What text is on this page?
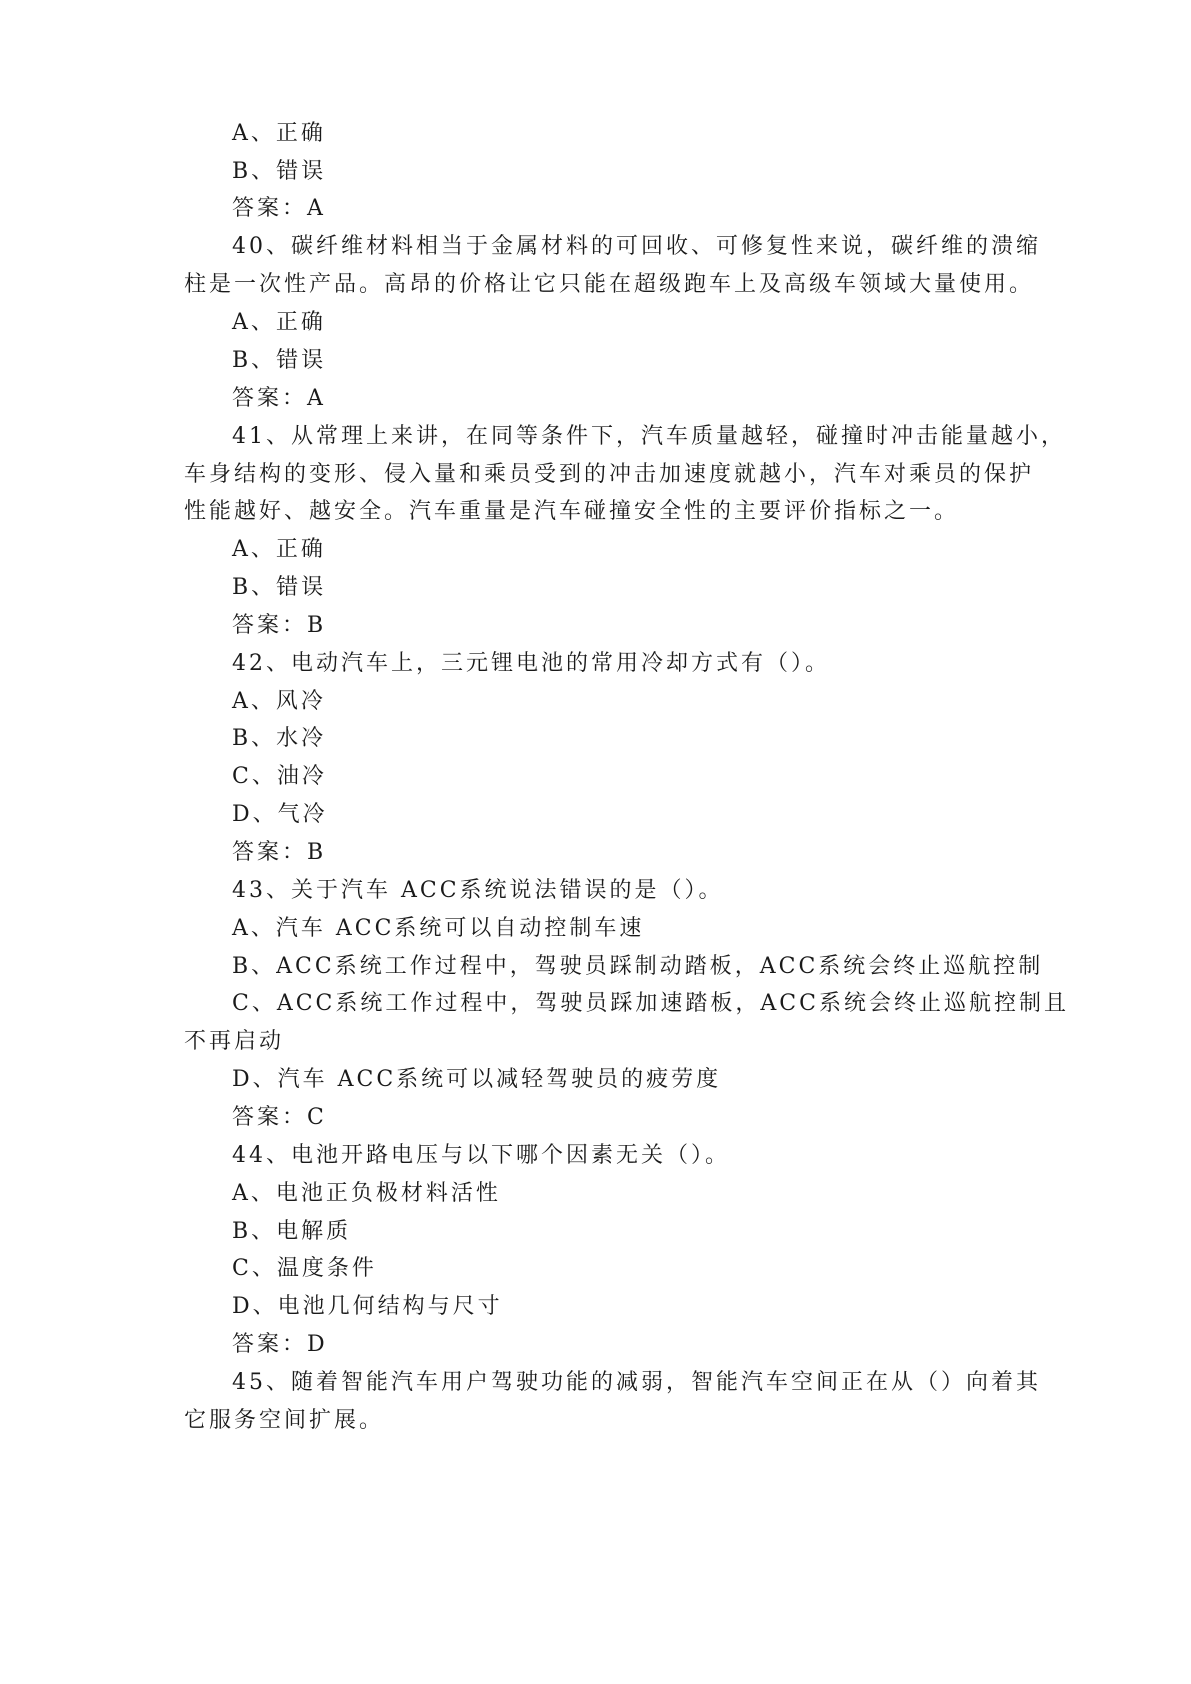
A、正确
B、错误
答案：A
40、碳纤维材料相当于金属材料的可回收、可修复性来说，碳纤维的溃缩
柱是一次性产品。高昂的价格让它只能在超级跑车上及高级车领域大量使用。
A、正确
B、错误
答案：A
41、从常理上来讲，在同等条件下，汽车质量越轻，碰撞时冲击能量越小，
车身结构的变形、侵入量和乘员受到的冲击加速度就越小，汽车对乘员的保护
性能越好、越安全。汽车重量是汽车碰撞安全性的主要评价指标之一。
A、正确
B、错误
答案：B
42、电动汽车上，三元锂电池的常用冷却方式有（）。
A、风冷
B、水冷
C、油冷
D、气冷
答案：B
43、关于汽车 ACC系统说法错误的是（）。
A、汽车 ACC系统可以自动控制车速
B、ACC系统工作过程中，驾驶员踩制动踏板，ACC系统会终止巡航控制
C、ACC系统工作过程中，驾驶员踩加速踏板，ACC系统会终止巡航控制且
不再启动
D、汽车 ACC系统可以减轻驾驶员的疲劳度
答案：C
44、电池开路电压与以下哪个因素无关（）。
A、电池正负极材料活性
B、电解质
C、温度条件
D、电池几何结构与尺寸
答案：D
45、随着智能汽车用户驾驶功能的减弱，智能汽车空间正在从（）向着其
它服务空间扩展。
